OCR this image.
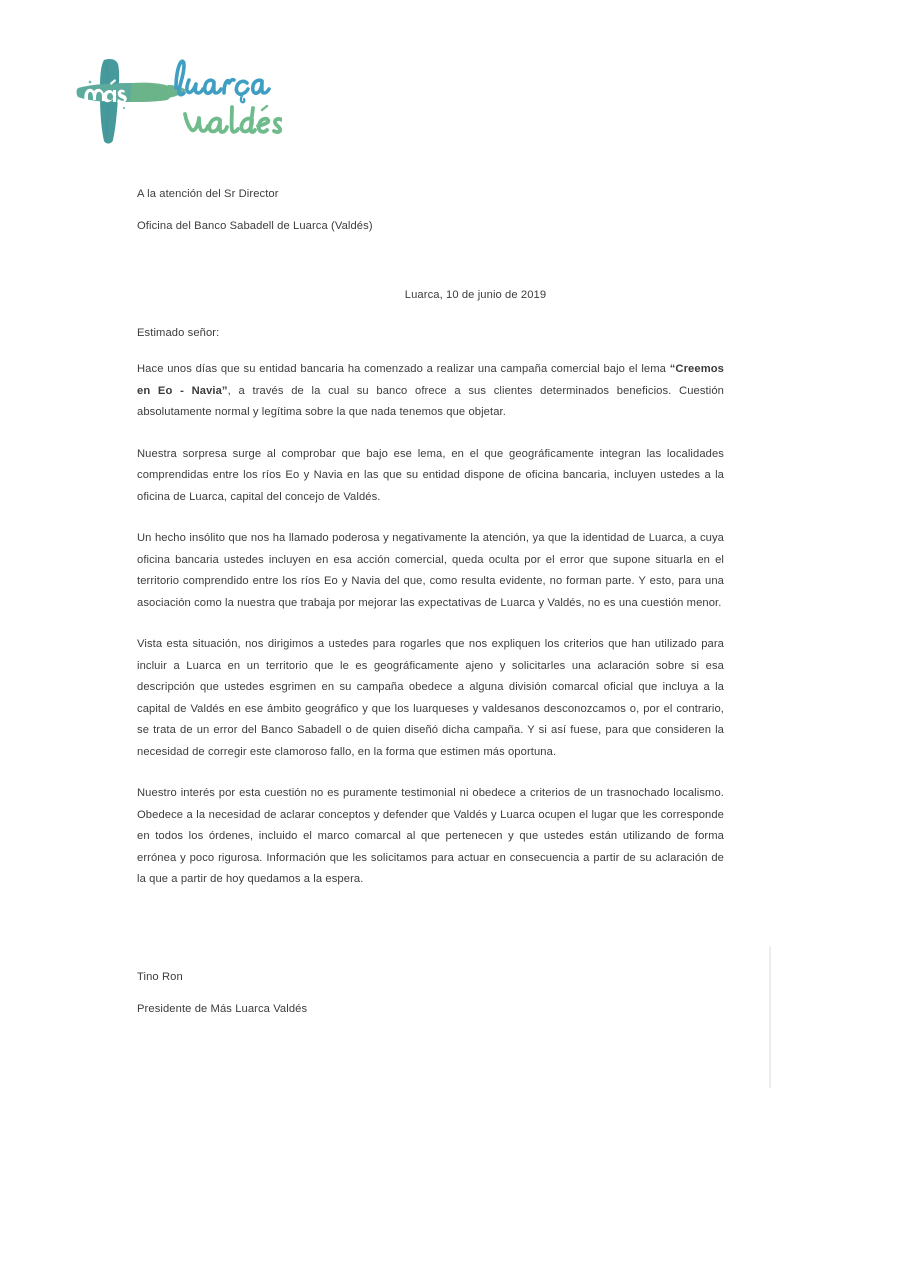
A la atención del Sr Director
Oficina del Banco Sabadell de Luarca (Valdés)
Luarca, 10 de junio de 2019
Estimado señor:

Hace unos días que su entidad bancaria ha comenzado a realizar una campaña comercial bajo el lema “Creemos en Eo - Navia”, a través de la cual su banco ofrece a sus clientes determinados beneficios. Cuestión absolutamente normal y legítima sobre la que nada tenemos que objetar.

Nuestra sorpresa surge al comprobar que bajo ese lema, en el que geográficamente integran las localidades comprendidas entre los ríos Eo y Navia en las que su entidad dispone de oficina bancaria, incluyen ustedes a la oficina de Luarca, capital del concejo de Valdés.

Un hecho insólito que nos ha llamado poderosa y negativamente la atención, ya que la identidad de Luarca, a cuya oficina bancaria ustedes incluyen en esa acción comercial, queda oculta por el error que supone situarla en el territorio comprendido entre los ríos Eo y Navia del que, como resulta evidente, no forman parte. Y esto, para una asociación como la nuestra que trabaja por mejorar las expectativas de Luarca y Valdés, no es una cuestión menor.

Vista esta situación, nos dirigimos a ustedes para rogarles que nos expliquen los criterios que han utilizado para incluir a Luarca en un territorio que le es geográficamente ajeno y solicitarles una aclaración sobre si esa descripción que ustedes esgrimen en su campaña obedece a alguna división comarcal oficial que incluya a la capital de Valdés en ese ámbito geográfico y que los luarqueses y valdesanos desconozcamos o, por el contrario, se trata de un error del Banco Sabadell o de quien diseñó dicha campaña. Y si así fuese, para que consideren la necesidad de corregir este clamoroso fallo, en la forma que estimen más oportuna.

Nuestro interés por esta cuestión no es puramente testimonial ni obedece a criterios de un trasnochado localismo. Obedece a la necesidad de aclarar conceptos y defender que Valdés y Luarca ocupen el lugar que les corresponde en todos los órdenes, incluido el marco comarcal al que pertenecen y que ustedes están utilizando de forma errónea y poco rigurosa. Información que les solicitamos para actuar en consecuencia a partir de su aclaración de la que a partir de hoy quedamos a la espera.

Tino Ron
Presidente de Más Luarca Valdés
